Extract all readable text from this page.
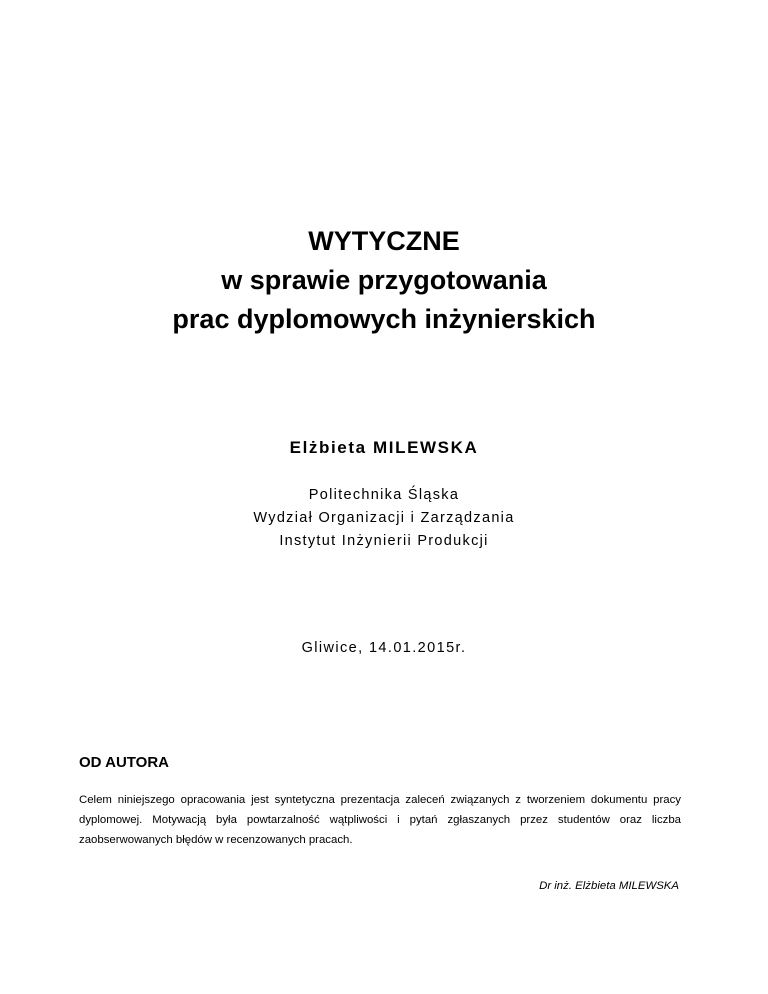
WYTYCZNE
w sprawie przygotowania
prac dyplomowych inżynierskich
Elżbieta MILEWSKA
Politechnika Śląska
Wydział Organizacji i Zarządzania
Instytut Inżynierii Produkcji
Gliwice, 14.01.2015r.
OD AUTORA

Celem niniejszego opracowania jest syntetyczna prezentacja zaleceń związanych z tworzeniem dokumentu pracy dyplomowej. Motywacją była powtarzalność wątpliwości i pytań zgłaszanych przez studentów oraz liczba zaobserwowanych błędów w recenzowanych pracach.

Dr inż. Elżbieta MILEWSKA
